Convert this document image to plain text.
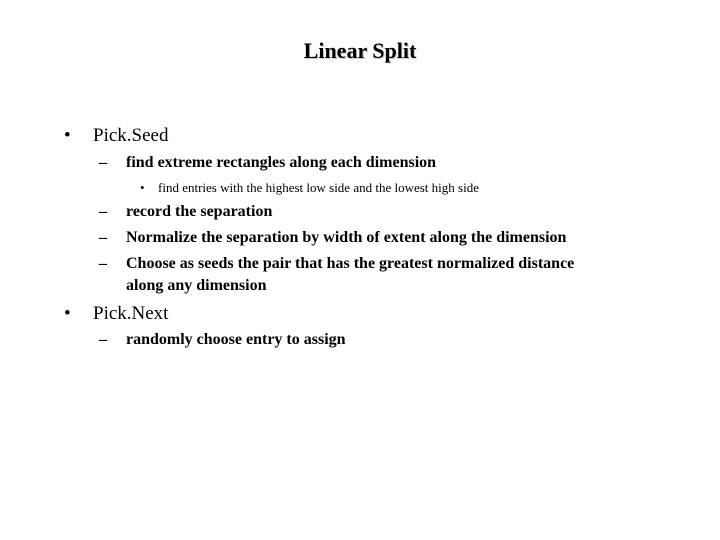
Linear Split
• Pick.Seed
– find extreme rectangles along each dimension
• find entries with the highest low side and the lowest high side
– record the separation
– Normalize the separation by width of extent along the dimension
– Choose as seeds the pair that has the greatest normalized distance
along any dimension
• Pick.Next
– randomly choose entry to assign
